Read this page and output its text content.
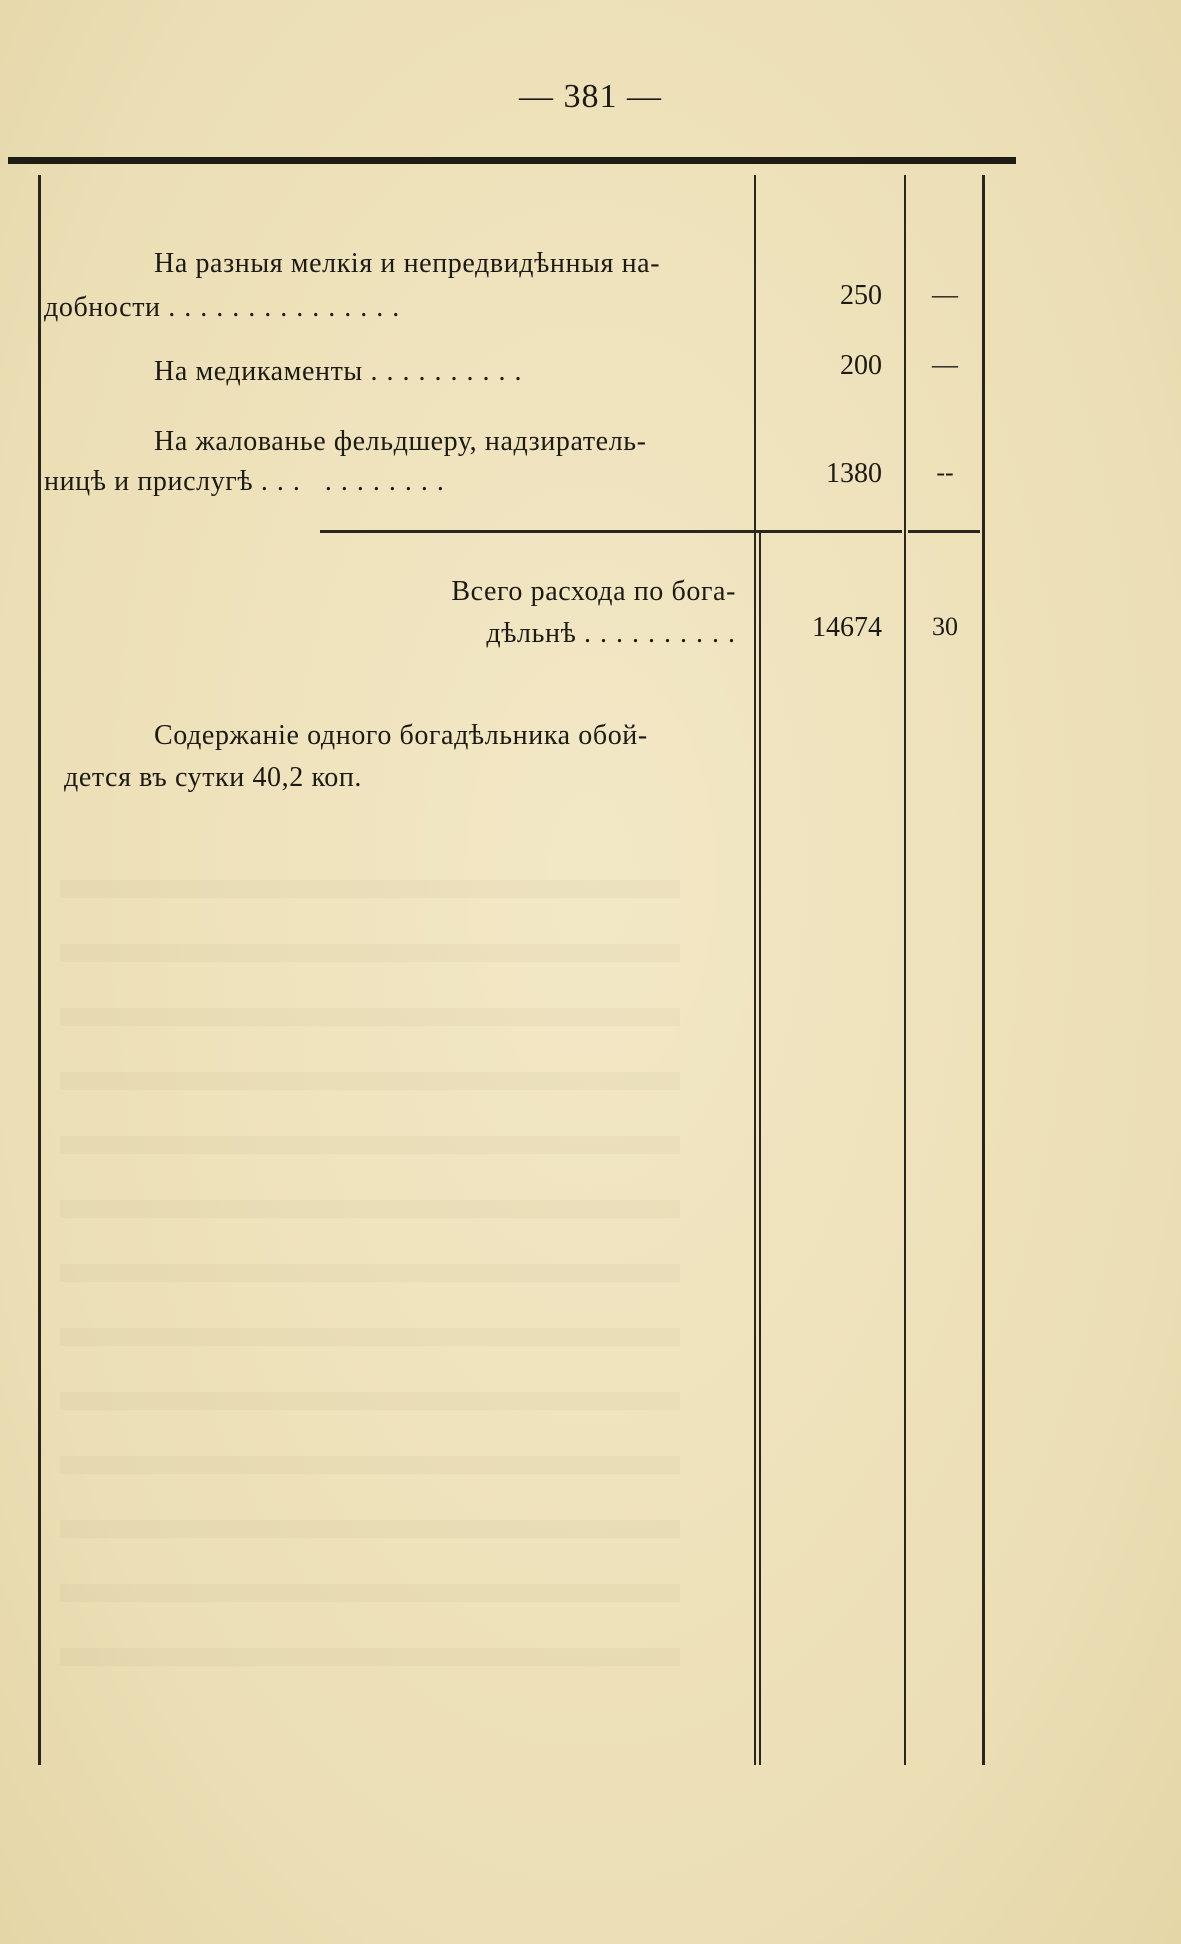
— 381 —
На разныя мелкія и непредвидѣнныя на-
добности ...............	250	—
На медикаменты ..........	200	—
На жалованье фельдшеру, надзиратель-
ницѣ и прислугѣ ... ........	1380	--
Всего расхода по бога-
дѣльнѣ ..........	14674	30
Содержаніе одного богадѣльника обой-
дется въ сутки 40,2 коп.
